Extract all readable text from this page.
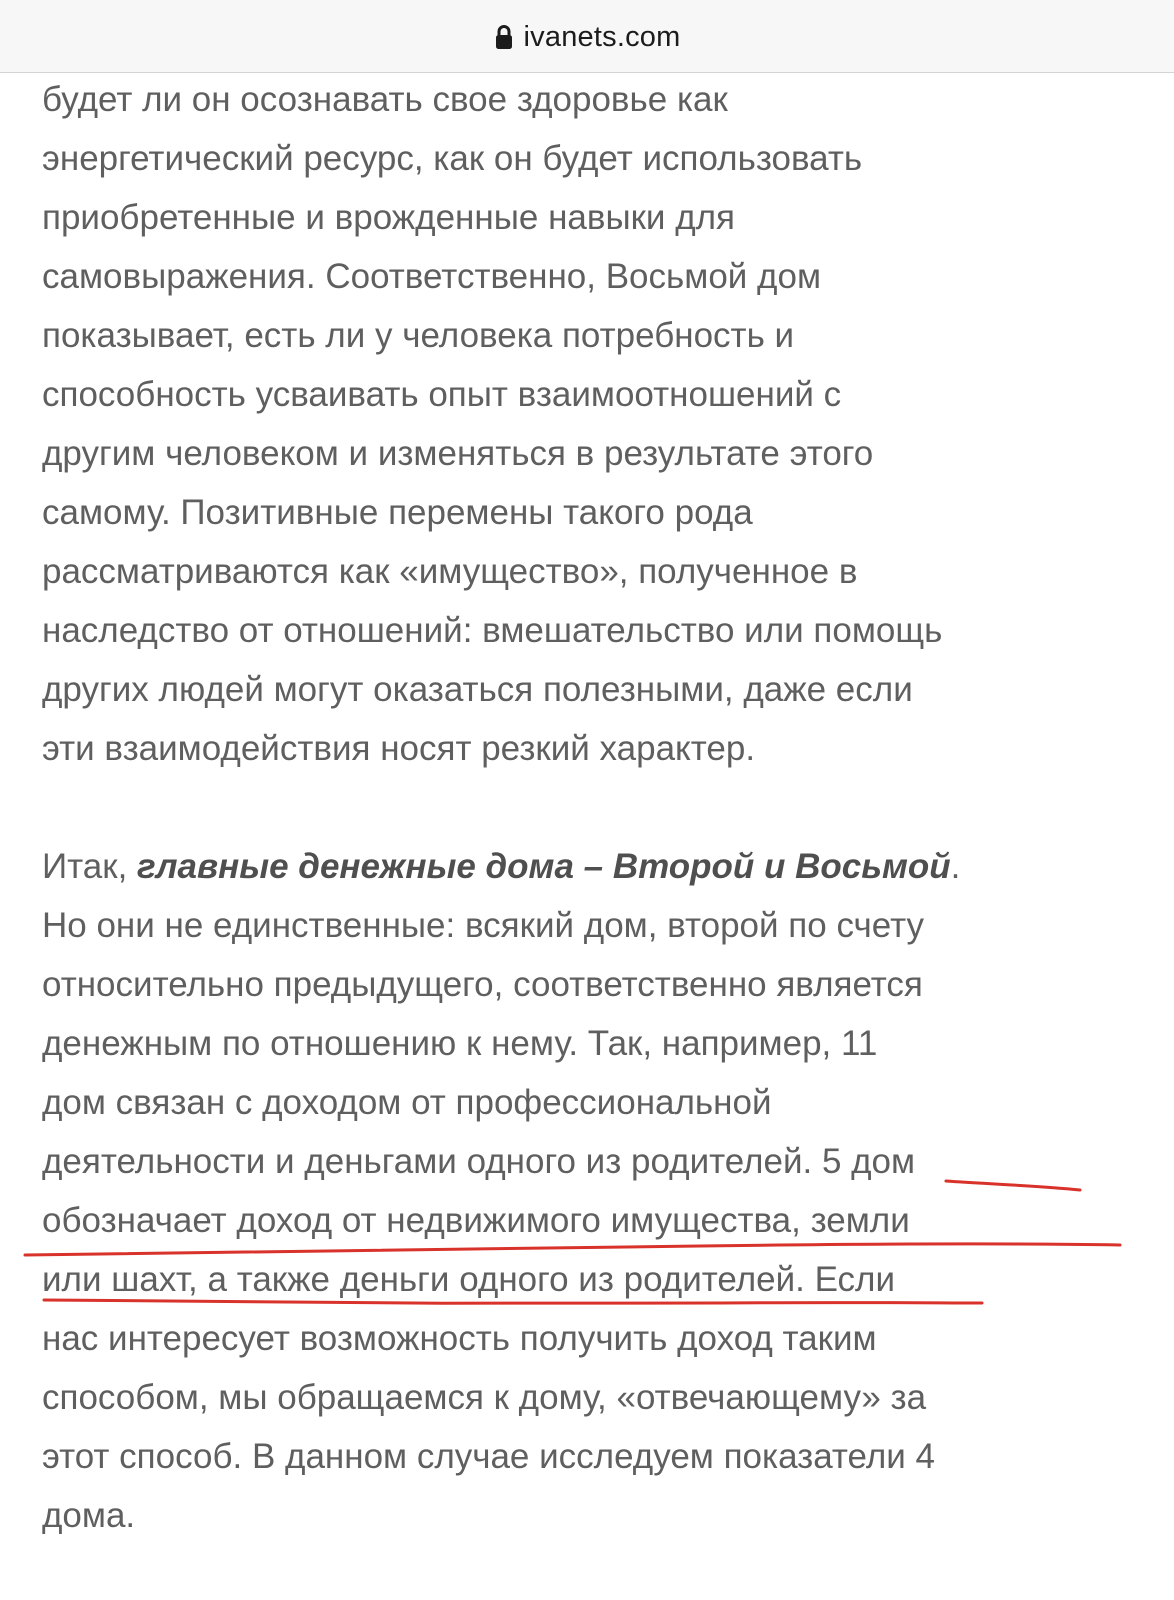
ivanets.com

будет ли он осознавать свое здоровье как
энергетический ресурс, как он будет использовать
приобретенные и врожденные навыки для
самовыражения. Соответственно, Восьмой дом
показывает, есть ли у человека потребность и
способность усваивать опыт взаимоотношений с
другим человеком и изменяться в результате этого
самому. Позитивные перемены такого рода
рассматриваются как «имущество», полученное в
наследство от отношений: вмешательство или помощь
других людей могут оказаться полезными, даже если
эти взаимодействия носят резкий характер.

Итак, главные денежные дома – Второй и Восьмой.
Но они не единственные: всякий дом, второй по счету
относительно предыдущего, соответственно является
денежным по отношению к нему. Так, например, 11
дом связан с доходом от профессиональной
деятельности и деньгами одного из родителей. 5 дом
обозначает доход от недвижимого имущества, земли
или шахт, а также деньги одного из родителей. Если
нас интересует возможность получить доход таким
способом, мы обращаемся к дому, «отвечающему» за
этот способ. В данном случае исследуем показатели 4
дома.
